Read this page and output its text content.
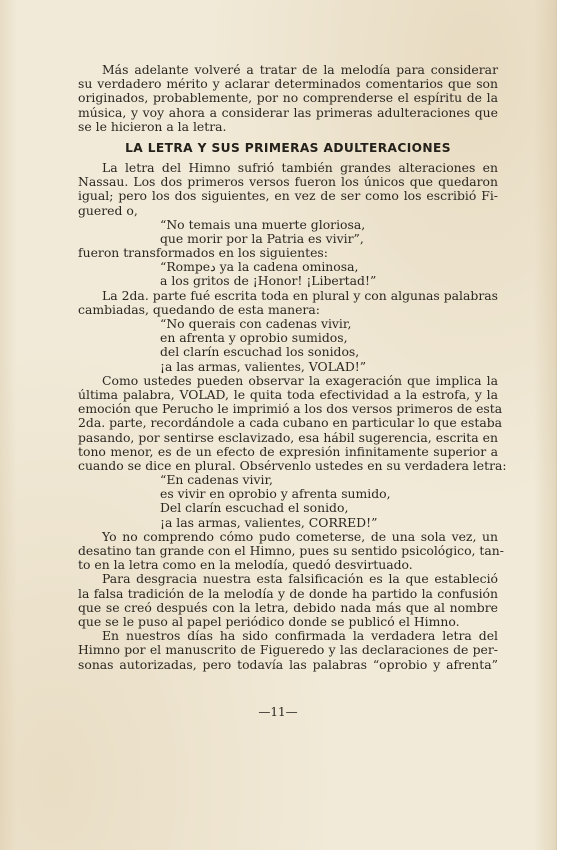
Más adelante volveré a tratar de la melodía para considerar
su verdadero mérito y aclarar determinados comentarios que son
originados, probablemente, por no comprenderse el espíritu de la
música, y voy ahora a considerar las primeras adulteraciones que
se le hicieron a la letra.
LA LETRA Y SUS PRIMERAS ADULTERACIONES
La letra del Himno sufrió también grandes alteraciones en
Nassau. Los dos primeros versos fueron los únicos que quedaron
igual; pero los dos siguientes, en vez de ser como los escribió Fi-
guered o,
“No temais una muerte gloriosa,
que morir por la Patria es vivir”,
fueron transformados en los siguientes:
“Rompeد ya la cadena ominosa,
a los gritos de ¡Honor! ¡Libertad!”
La 2da. parte fué escrita toda en plural y con algunas palabras
cambiadas, quedando de esta manera:
“No querais con cadenas vivir,
en afrenta y oprobio sumidos,
del clarín escuchad los sonidos,
¡a las armas, valientes, VOLAD!”
Como ustedes pueden observar la exageración que implica la
última palabra, VOLAD, le quita toda efectividad a la estrofa, y la
emoción que Perucho le imprimió a los dos versos primeros de esta
2da. parte, recordándole a cada cubano en particular lo que estaba
pasando, por sentirse esclavizado, esa hábil sugerencia, escrita en
tono menor, es de un efecto de expresión infinitamente superior a
cuando se dice en plural. Obsérvenlo ustedes en su verdadera letra:
“En cadenas vivir,
es vivir en oprobio y afrenta sumido,
Del clarín escuchad el sonido,
¡a las armas, valientes, CORRED!”
Yo no comprendo cómo pudo cometerse, de una sola vez, un
desatino tan grande con el Himno, pues su sentido psicológico, tan-
to en la letra como en la melodía, quedó desvirtuado.
Para desgracia nuestra esta falsificación es la que estableció
la falsa tradición de la melodía y de donde ha partido la confusión
que se creó después con la letra, debido nada más que al nombre
que se le puso al papel periódico donde se publicó el Himno.
En nuestros días ha sido confirmada la verdadera letra del
Himno por el manuscrito de Figueredo y las declaraciones de per-
sonas autorizadas, pero todavía las palabras “oprobio y afrenta”
—11—
